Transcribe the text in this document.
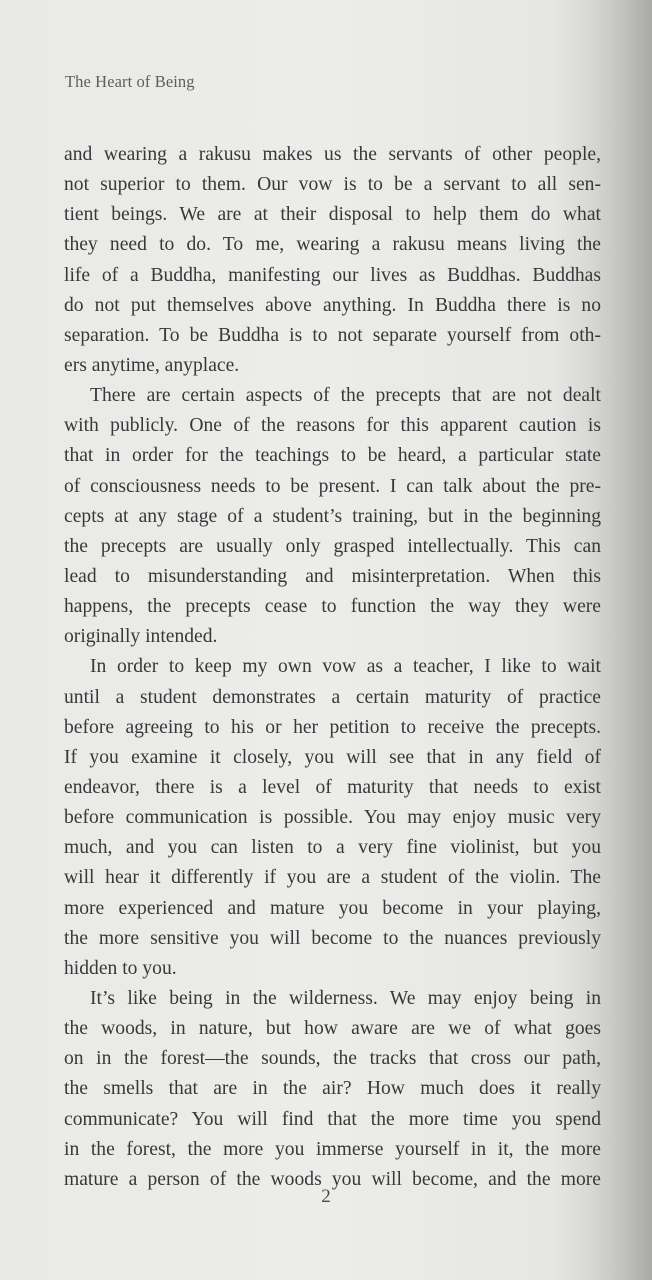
The Heart of Being
and wearing a rakusu makes us the servants of other people,
not superior to them. Our vow is to be a servant to all sen-
tient beings. We are at their disposal to help them do what
they need to do. To me, wearing a rakusu means living the
life of a Buddha, manifesting our lives as Buddhas. Buddhas
do not put themselves above anything. In Buddha there is no
separation. To be Buddha is to not separate yourself from oth-
ers anytime, anyplace.
There are certain aspects of the precepts that are not dealt
with publicly. One of the reasons for this apparent caution is
that in order for the teachings to be heard, a particular state
of consciousness needs to be present. I can talk about the pre-
cepts at any stage of a student’s training, but in the beginning
the precepts are usually only grasped intellectually. This can
lead to misunderstanding and misinterpretation. When this
happens, the precepts cease to function the way they were
originally intended.
In order to keep my own vow as a teacher, I like to wait
until a student demonstrates a certain maturity of practice
before agreeing to his or her petition to receive the precepts.
If you examine it closely, you will see that in any field of
endeavor, there is a level of maturity that needs to exist
before communication is possible. You may enjoy music very
much, and you can listen to a very fine violinist, but you
will hear it differently if you are a student of the violin. The
more experienced and mature you become in your playing,
the more sensitive you will become to the nuances previously
hidden to you.
It’s like being in the wilderness. We may enjoy being in
the woods, in nature, but how aware are we of what goes
on in the forest—the sounds, the tracks that cross our path,
the smells that are in the air? How much does it really
communicate? You will find that the more time you spend
in the forest, the more you immerse yourself in it, the more
mature a person of the woods you will become, and the more
2
